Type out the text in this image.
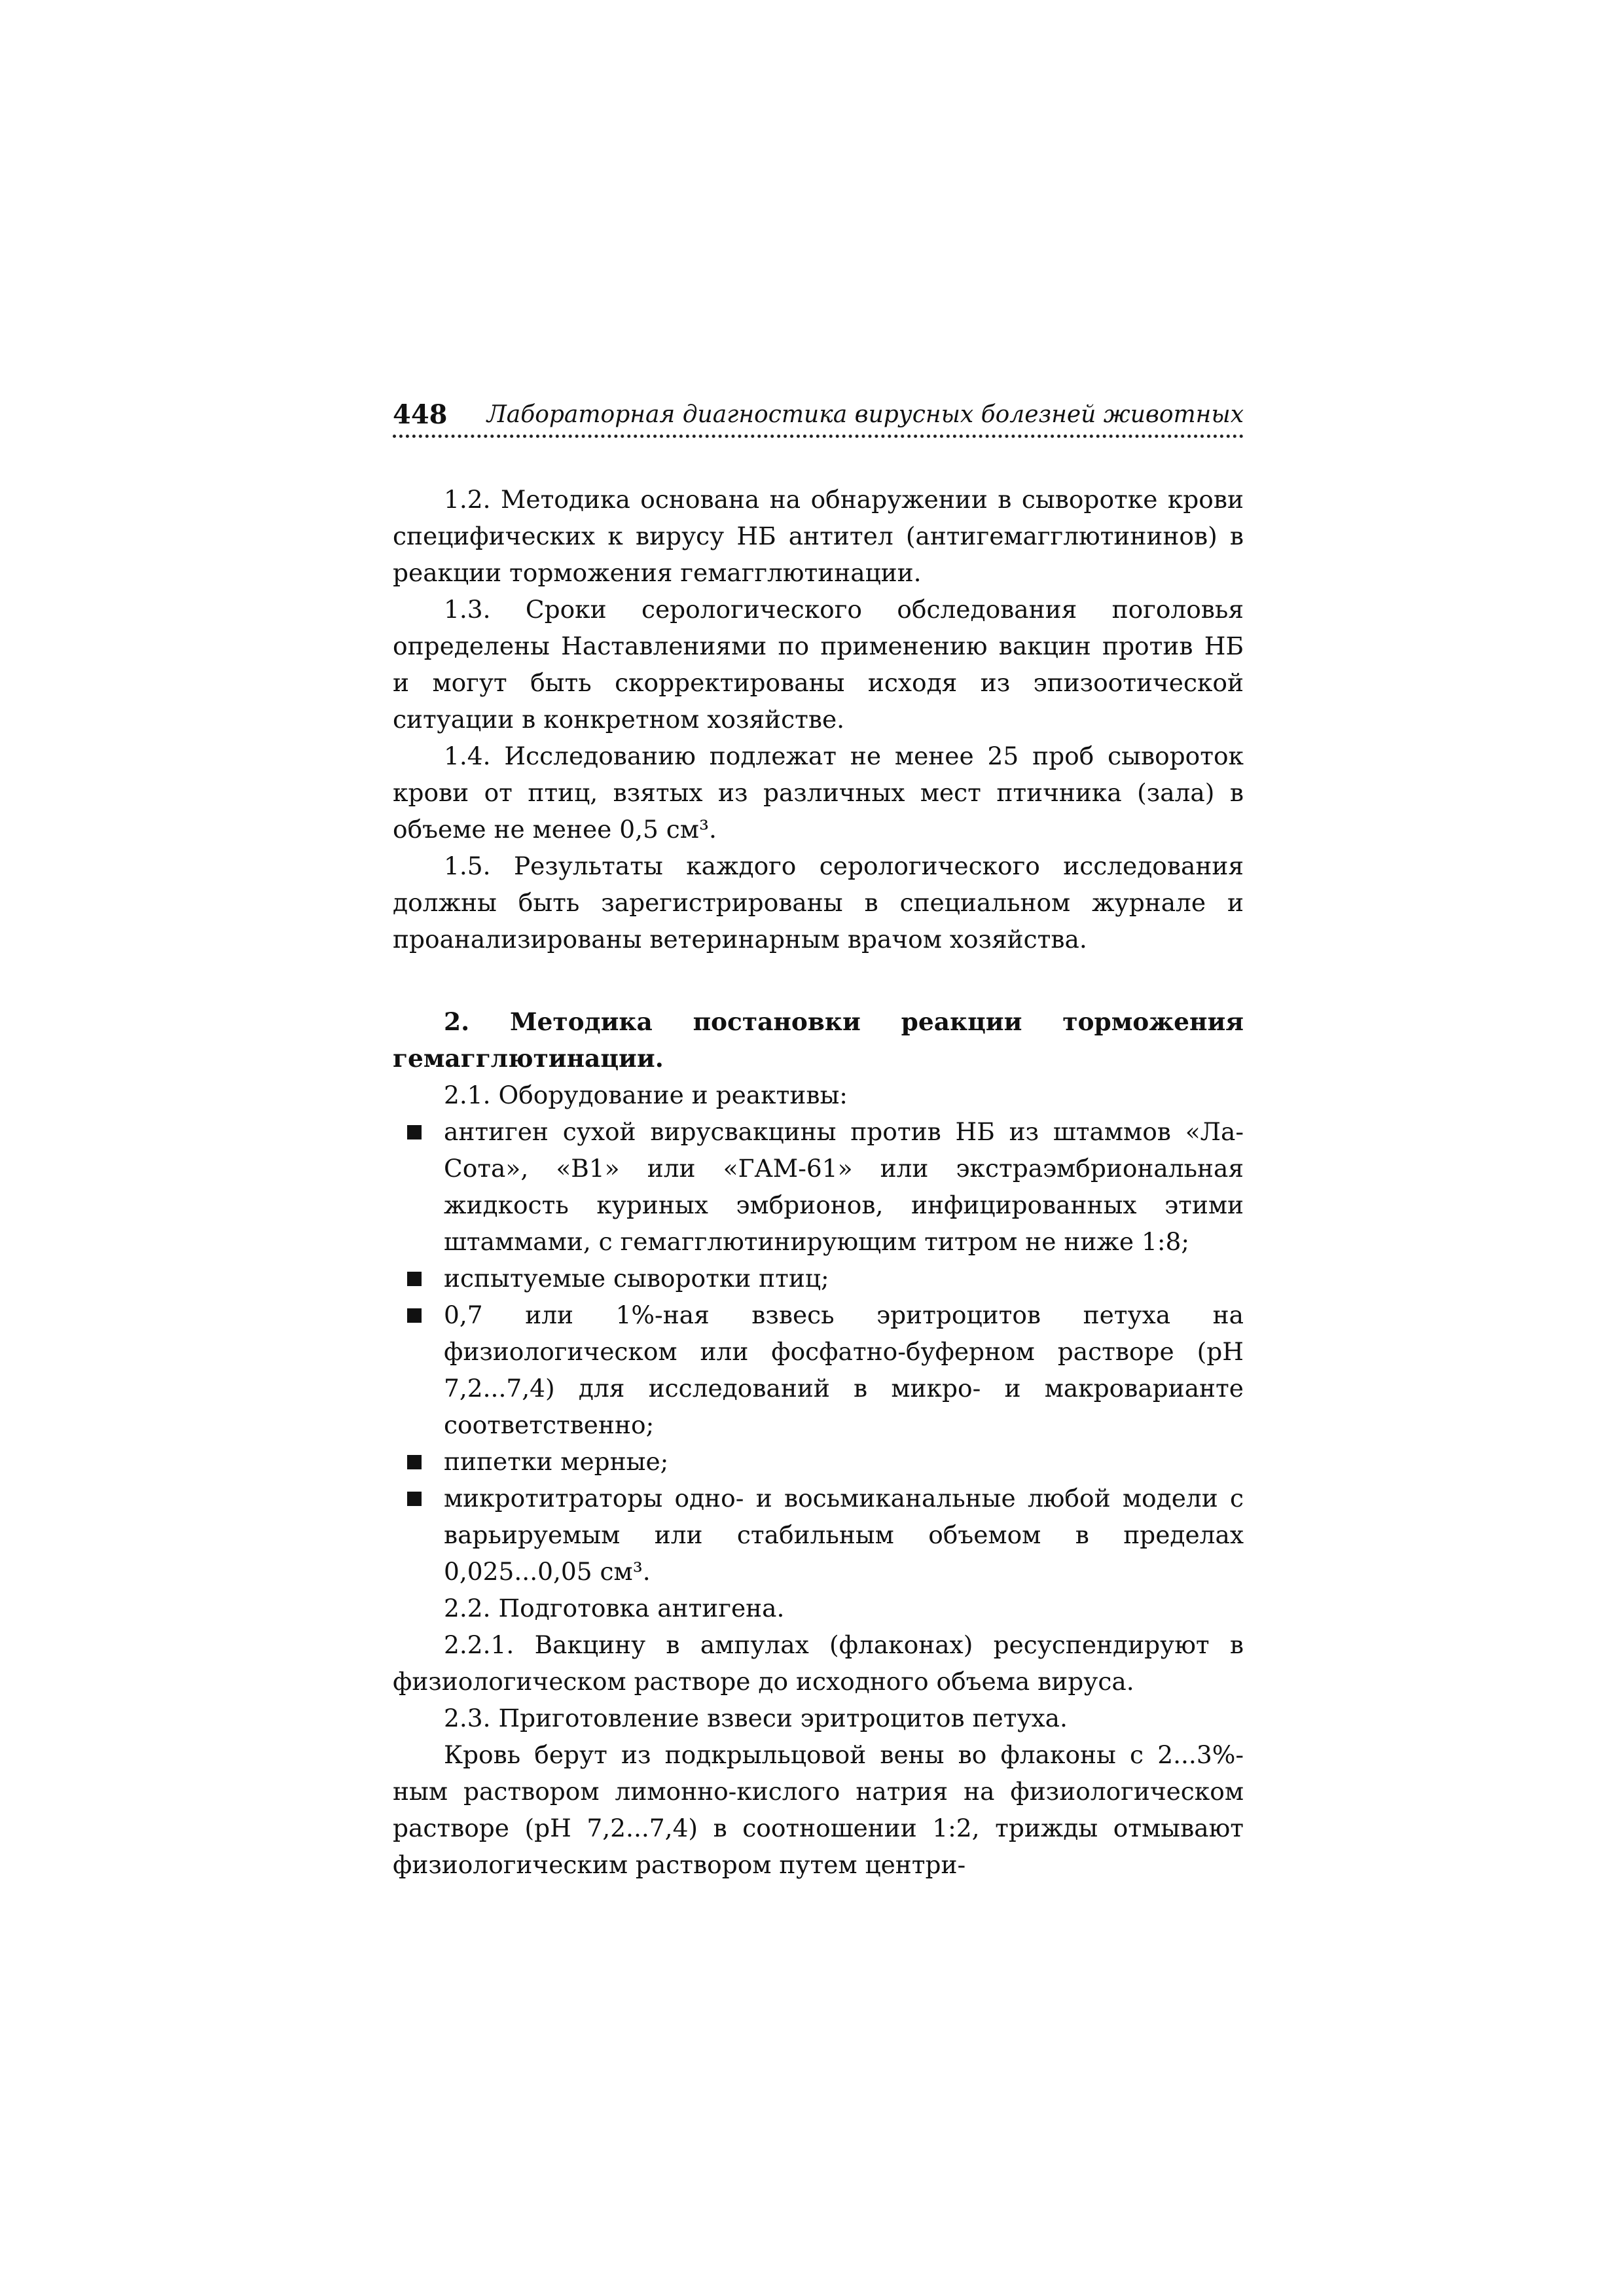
448 Лабораторная диагностика вирусных болезней животных

1.2. Методика основана на обнаружении в сыворотке крови специфических к вирусу НБ антител (антигемагглютининов) в реакции торможения гемагглютинации.

1.3. Сроки серологического обследования поголовья определены Наставлениями по применению вакцин против НБ и могут быть скорректированы исходя из эпизоотической ситуации в конкретном хозяйстве.

1.4. Исследованию подлежат не менее 25 проб сывороток крови от птиц, взятых из различных мест птичника (зала) в объеме не менее 0,5 см³.

1.5. Результаты каждого серологического исследования должны быть зарегистрированы в специальном журнале и проанализированы ветеринарным врачом хозяйства.

2. Методика постановки реакции торможения гемагглютинации.

2.1. Оборудование и реактивы:

антиген сухой вирусвакцины против НБ из штаммов «Ла-Сота», «В1» или «ГАМ-61» или экстраэмбриональная жидкость куриных эмбрионов, инфицированных этими штаммами, с гемагглютинирующим титром не ниже 1:8;
испытуемые сыворотки птиц;
0,7 или 1%-ная взвесь эритроцитов петуха на физиологическом или фосфатно-буферном растворе (рН 7,2...7,4) для исследований в микро- и макроварианте соответственно;
пипетки мерные;
микротитраторы одно- и восьмиканальные любой модели с варьируемым или стабильным объемом в пределах 0,025...0,05 см³.

2.2. Подготовка антигена.

2.2.1. Вакцину в ампулах (флаконах) ресуспендируют в физиологическом растворе до исходного объема вируса.

2.3. Приготовление взвеси эритроцитов петуха.

Кровь берут из подкрыльцовой вены во флаконы с 2...3%-ным раствором лимонно-кислого натрия на физиологическом растворе (рН 7,2...7,4) в соотношении 1:2, трижды отмывают физиологическим раствором путем центри-
